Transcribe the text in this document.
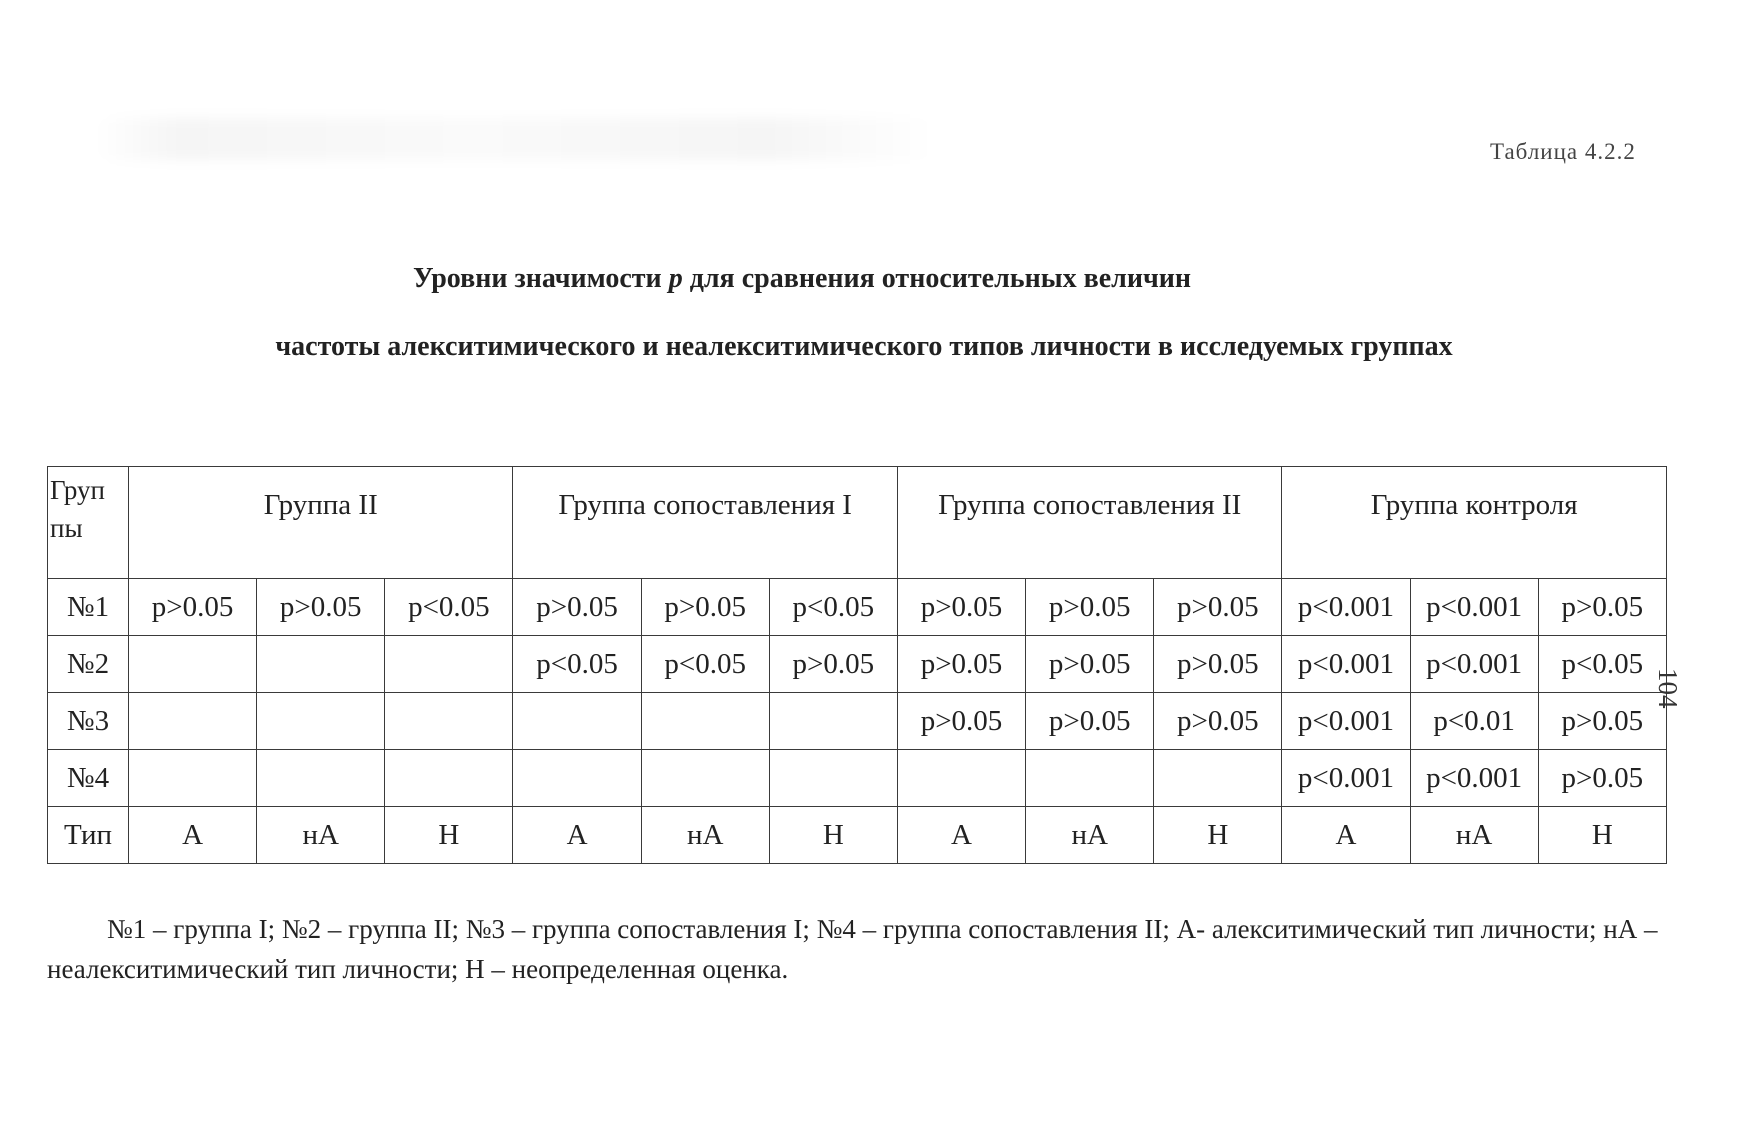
Таблица 4.2.2
Уровни значимости p для сравнения относительных величин
частоты алекситимического и неалекситимического типов личности в исследуемых группах
Груп
пы	Группа II			Группа сопоставления I			Группа сопоставления II			Группа контроля		
№1	p>0.05	p>0.05	p<0.05	p>0.05	p>0.05	p<0.05	p>0.05	p>0.05	p>0.05	p<0.001	p<0.001	p>0.05
№2				p<0.05	p<0.05	p>0.05	p>0.05	p>0.05	p>0.05	p<0.001	p<0.001	p<0.05
№3							p>0.05	p>0.05	p>0.05	p<0.001	p<0.01	p>0.05
№4										p<0.001	p<0.001	p>0.05
Тип	А	нА	Н	А	нА	Н	А	нА	Н	А	нА	Н
104
№1 – группа I; №2 – группа II; №3 – группа сопоставления I; №4 – группа сопоставления II; А- алекситимический тип личности; нА – неалекситимический тип личности; Н – неопределенная оценка.
